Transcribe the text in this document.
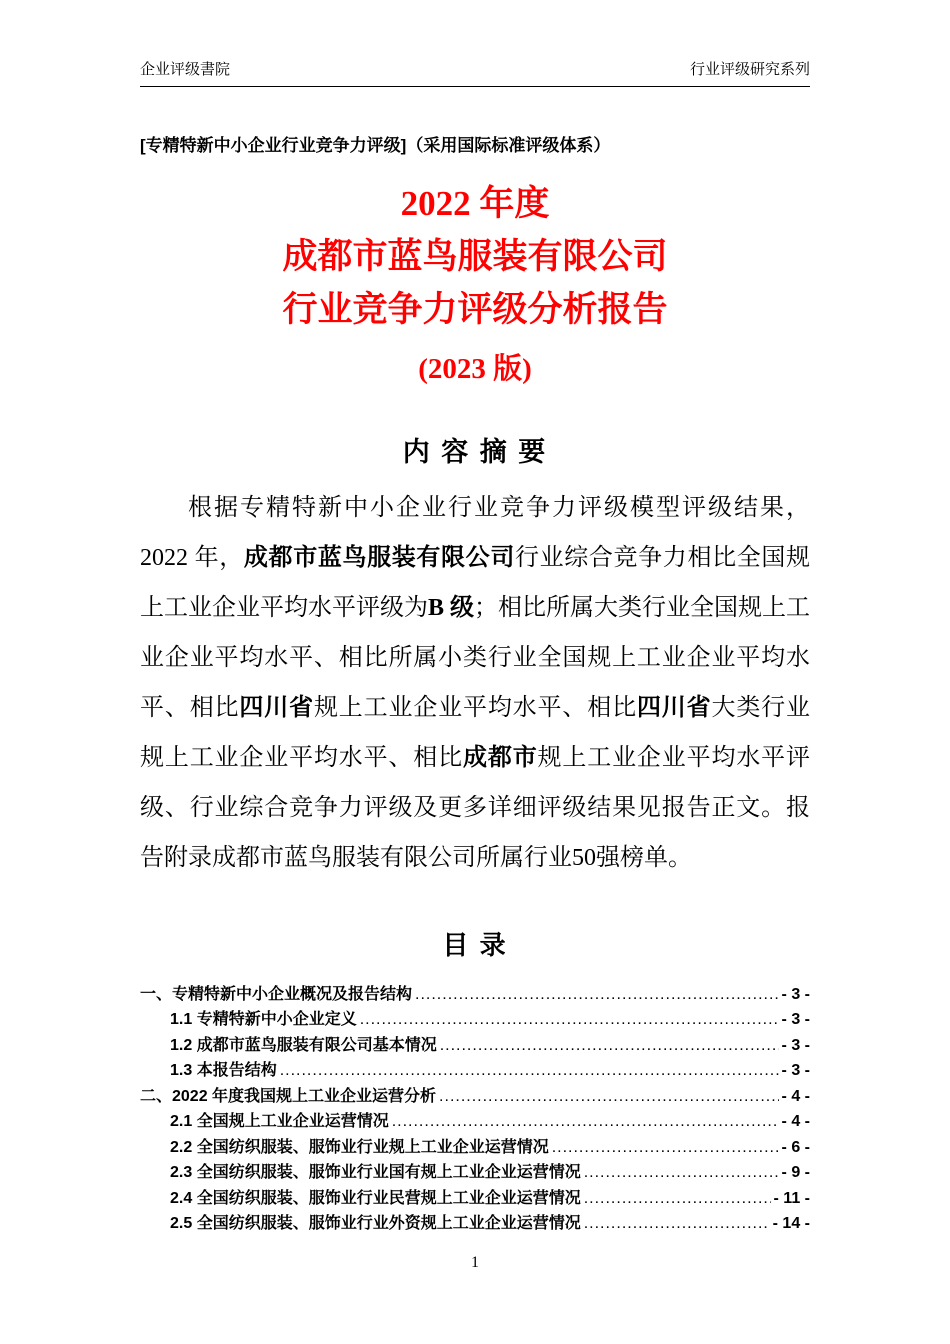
企业评级書院	行业评级研究系列
[专精特新中小企业行业竞争力评级]（采用国际标准评级体系）
2022 年度
成都市蓝鸟服装有限公司
行业竞争力评级分析报告
(2023 版)
内 容 摘 要

根据专精特新中小企业行业竞争力评级模型评级结果，2022 年，成都市蓝鸟服装有限公司行业综合竞争力相比全国规上工业企业平均水平评级为B 级；相比所属大类行业全国规上工业企业平均水平、相比所属小类行业全国规上工业企业平均水平、相比四川省规上工业企业平均水平、相比四川省大类行业规上工业企业平均水平、相比成都市规上工业企业平均水平评级、行业综合竞争力评级及更多详细评级结果见报告正文。报告附录成都市蓝鸟服装有限公司所属行业50强榜单。

目 录
一、专精特新中小企业概况及报告结构 .....	- 3 -
1.1 专精特新中小企业定义 .....	- 3 -
1.2 成都市蓝鸟服装有限公司基本情况 .....	- 3 -
1.3 本报告结构 .....	- 3 -
二、2022 年度我国规上工业企业运营分析 .....	- 4 -
2.1 全国规上工业企业运营情况 .....	- 4 -
2.2 全国纺织服装、服饰业行业规上工业企业运营情况 .....	- 6 -
2.3 全国纺织服装、服饰业行业国有规上工业企业运营情况 .....	- 9 -
2.4 全国纺织服装、服饰业行业民营规上工业企业运营情况 .....	- 11 -
2.5 全国纺织服装、服饰业行业外资规上工业企业运营情况 .....	- 14 -
1
